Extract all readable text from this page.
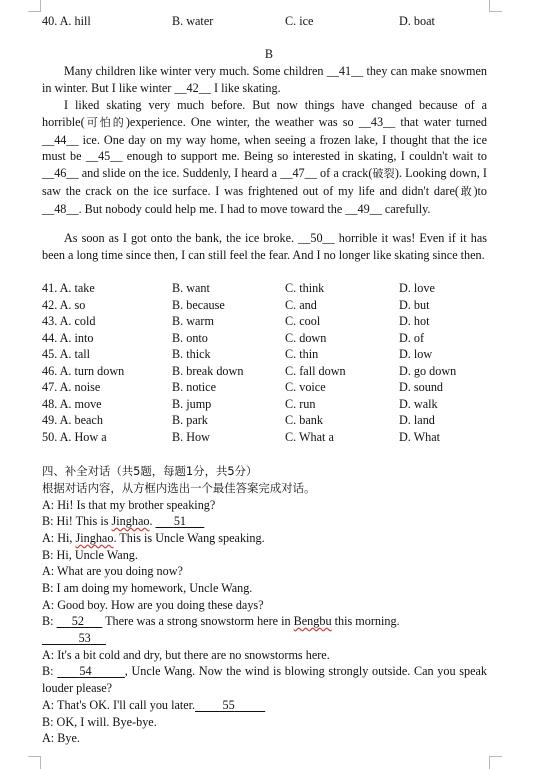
40. A. hill	B. water	C. ice	D. boat
B
Many children like winter very much. Some children __41__ they can make snowmen in winter. But I like winter __42__ I like skating.
I liked skating very much before. But now things have changed because of a horrible(可怕的)experience. One winter, the weather was so __43__ that water turned __44__ ice. One day on my way home, when seeing a frozen lake, I thought that the ice must be __45__ enough to support me. Being so interested in skating, I couldn't wait to __46__ and slide on the ice. Suddenly, I heard a __47__ of a crack(破裂). Looking down, I saw the crack on the ice surface. I was frightened out of my life and didn't dare(敢)to __48__. But nobody could help me. I had to move toward the __49__ carefully.
As soon as I got onto the bank, the ice broke. __50__ horrible it was! Even if it has been a long time since then, I can still feel the fear. And I no longer like skating since then.
41. A. take	B. want	C. think	D. love
42. A. so	B. because	C. and	D. but
43. A. cold	B. warm	C. cool	D. hot
44. A. into	B. onto	C. down	D. of
45. A. tall	B. thick	C. thin	D. low
46. A. turn down	B. break down	C. fall down	D. go down
47. A. noise	B. notice	C. voice	D. sound
48. A. move	B. jump	C. run	D. walk
49. A. beach	B. park	C. bank	D. land
50. A. How a	B. How	C. What a	D. What
四、补全对话（共5题，每题1分，共5分）
根据对话内容，从方框内选出一个最佳答案完成对话。
A: Hi! Is that my brother speaking?
B: Hi! This is Jinghao.       51
A: Hi, Jinghao. This is Uncle Wang speaking.
B: Hi, Uncle Wang.
A: What are you doing now?
B: I am doing my homework, Uncle Wang.
A: Good boy. How are you doing these days?
B:      52       There was a strong snowstorm here in Bengbu this morning.
53
A: It's a bit cold and dry, but there are no snowstorms here.
B:       54	, Uncle Wang. Now the wind is blowing strongly outside. Can you speak louder please?
A: That's OK. I'll call you later. 55
B: OK, I will. Bye-bye.
A: Bye.
